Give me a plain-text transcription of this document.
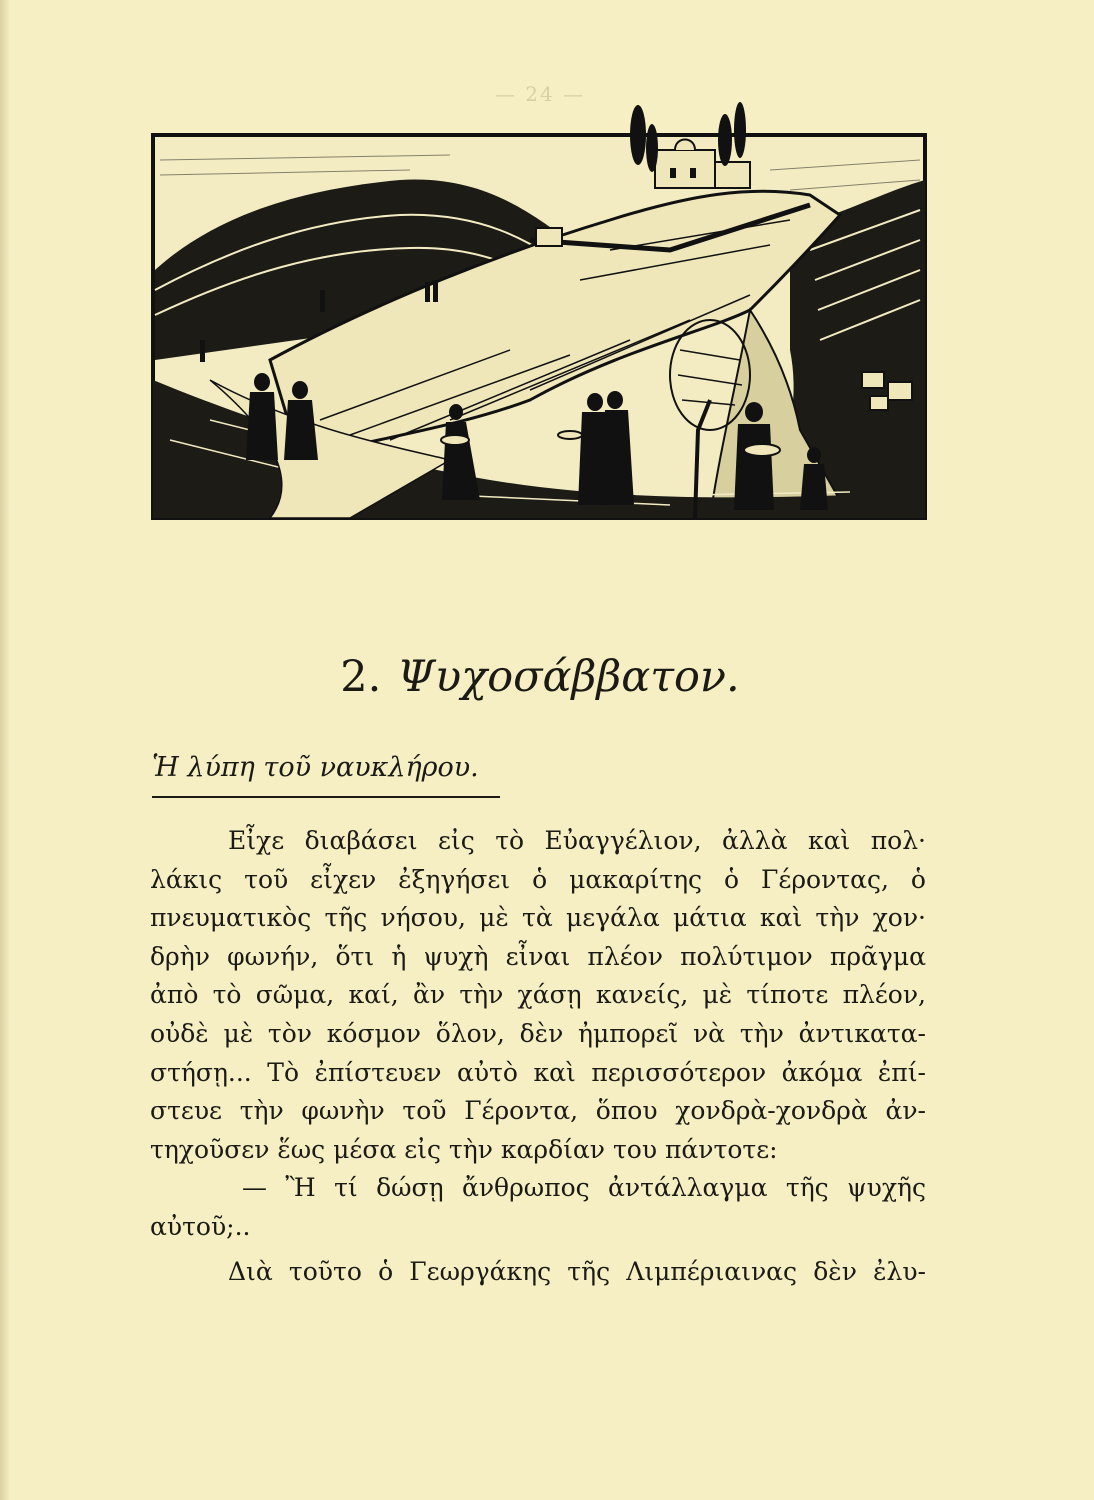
— 24 —
2. Ψυχοσάββατον.
Ἡ λύπη τοῦ ναυκλήρου.
Εἶχε διαβάσει εἰς τὸ Εὐαγγέλιον, ἀλλὰ καὶ πολ·
λάκις τοῦ εἶχεν ἐξηγήσει ὁ μακαρίτης ὁ Γέροντας, ὁ
πνευματικὸς τῆς νήσου, μὲ τὰ μεγάλα μάτια καὶ τὴν χον·
δρὴν φωνήν, ὅτι ἡ ψυχὴ εἶναι πλέον πολύτιμον πρᾶγμα
ἀπὸ τὸ σῶμα, καί, ἂν τὴν χάσῃ κανείς, μὲ τίποτε πλέον,
οὐδὲ μὲ τὸν κόσμον ὅλον, δὲν ἠμπορεῖ νὰ τὴν ἀντικατα-
στήσῃ... Τὸ ἐπίστευεν αὐτὸ καὶ περισσότερον ἀκόμα ἐπί-
στευε τὴν φωνὴν τοῦ Γέροντα, ὅπου χονδρὰ-χονδρὰ ἀν-
τηχοῦσεν ἕως μέσα εἰς τὴν καρδίαν του πάντοτε:
— Ἢ τί δώσῃ ἄνθρωπος ἀντάλλαγμα τῆς ψυχῆς
αὐτοῦ;..
Διὰ τοῦτο ὁ Γεωργάκης τῆς Λιμπέριαινας δὲν ἐλυ-
